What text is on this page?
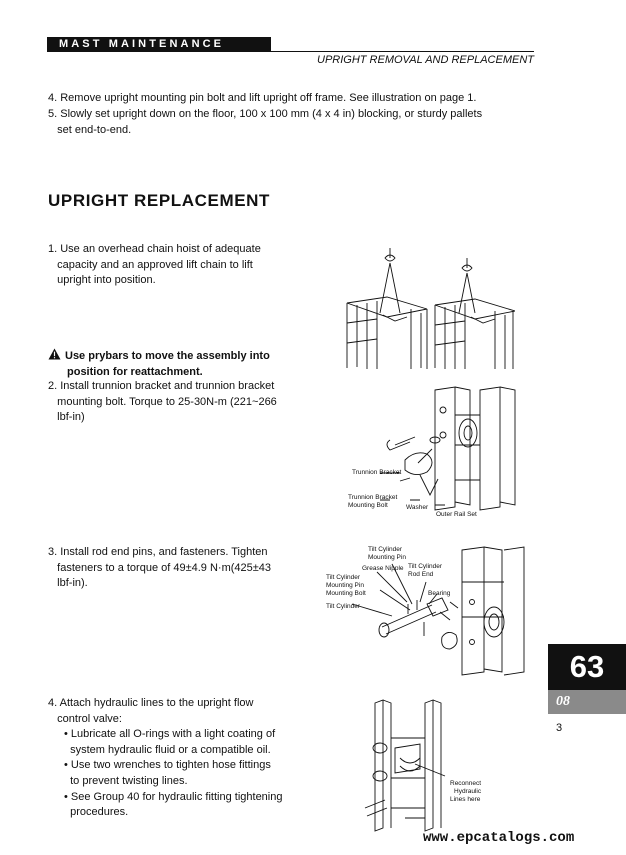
MAST MAINTENANCE
UPRIGHT REMOVAL AND REPLACEMENT
4. Remove upright mounting pin bolt and lift upright off frame. See illustration on page 1.
5. Slowly set upright down on the floor, 100 x 100 mm (4 x 4 in) blocking, or sturdy pallets
set end-to-end.
UPRIGHT REPLACEMENT
1. Use an overhead chain hoist of adequate
capacity and an approved lift chain to lift
upright into position.
Use prybars to move the assembly into
position for reattachment.
2. Install trunnion bracket and trunnion bracket
mounting bolt. Torque to 25-30N-m (221~266
lbf-in)
3. Install rod end pins, and fasteners. Tighten
fasteners to a torque of 49±4.9 N·m(425±43
lbf-in).
4. Attach hydraulic lines to the upright flow
control valve:
• Lubricate all O-rings with a light coating of
system hydraulic fluid or a compatible oil.
• Use two wrenches to tighten hose fittings
to prevent twisting lines.
• See Group 40 for hydraulic fitting tightening
procedures.
Trunnion Bracket
Trunnion Bracket
Mounting Bolt	Washer
Outer Rail Set
Tilt Cylinder
Mounting Pin
Grease Nipple Tilt Cylinder
Rod End
Tilt Cylinder
Mounting Pin
Mounting Bolt	Bearing
Tilt Cylinder
Reconnect
Hydraulic
Lines here
63
08
3
www.epcatalogs.com
